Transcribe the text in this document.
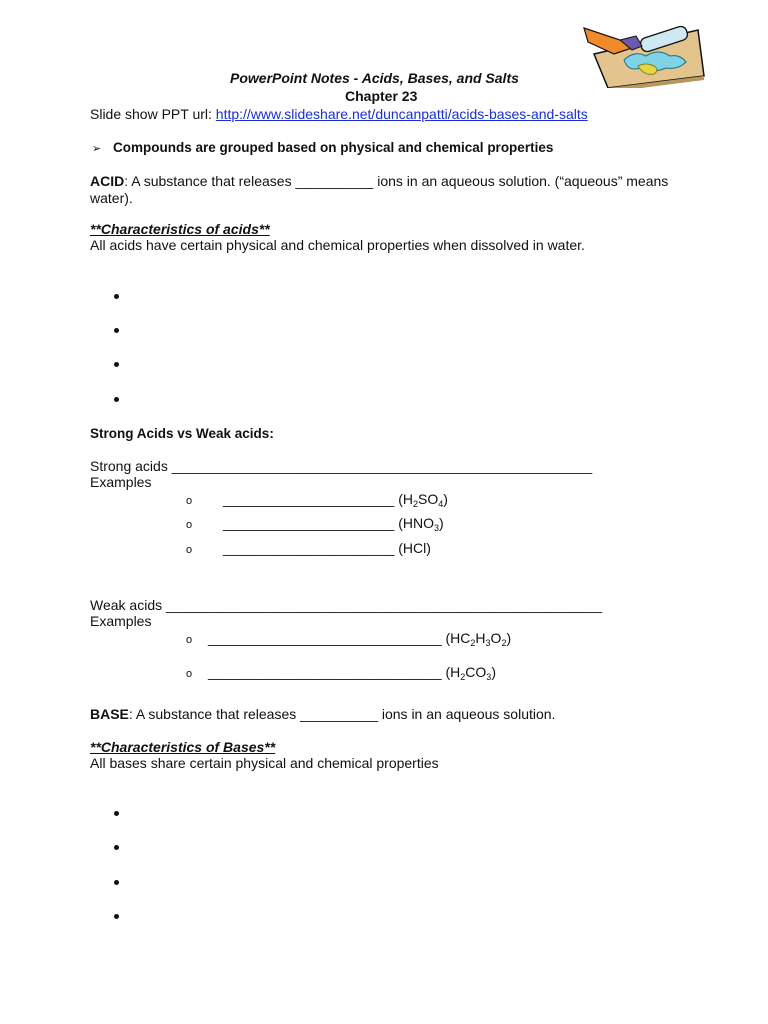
PowerPoint Notes - Acids, Bases, and Salts
Chapter 23
Slide show PPT url: http://www.slideshare.net/duncanpatti/acids-bases-and-salts
➢ Compounds are grouped based on physical and chemical properties
ACID: A substance that releases __________ ions in an aqueous solution. (“aqueous” means
water).
**Characteristics of acids**
All acids have certain physical and chemical properties when dissolved in water.
Strong Acids vs Weak acids:
Strong acids ______________________________________________________
Examples
o ______________________ $(H_2SO_4)$
o ______________________ $(HNO_3)$
o ______________________ (HCl)
Weak acids ________________________________________________________
Examples
o ______________________________ $(HC_2H_3O_2)$
o ______________________________ $(H_2CO_3)$
BASE: A substance that releases __________ ions in an aqueous solution.
**Characteristics of Bases**
All bases share certain physical and chemical properties
